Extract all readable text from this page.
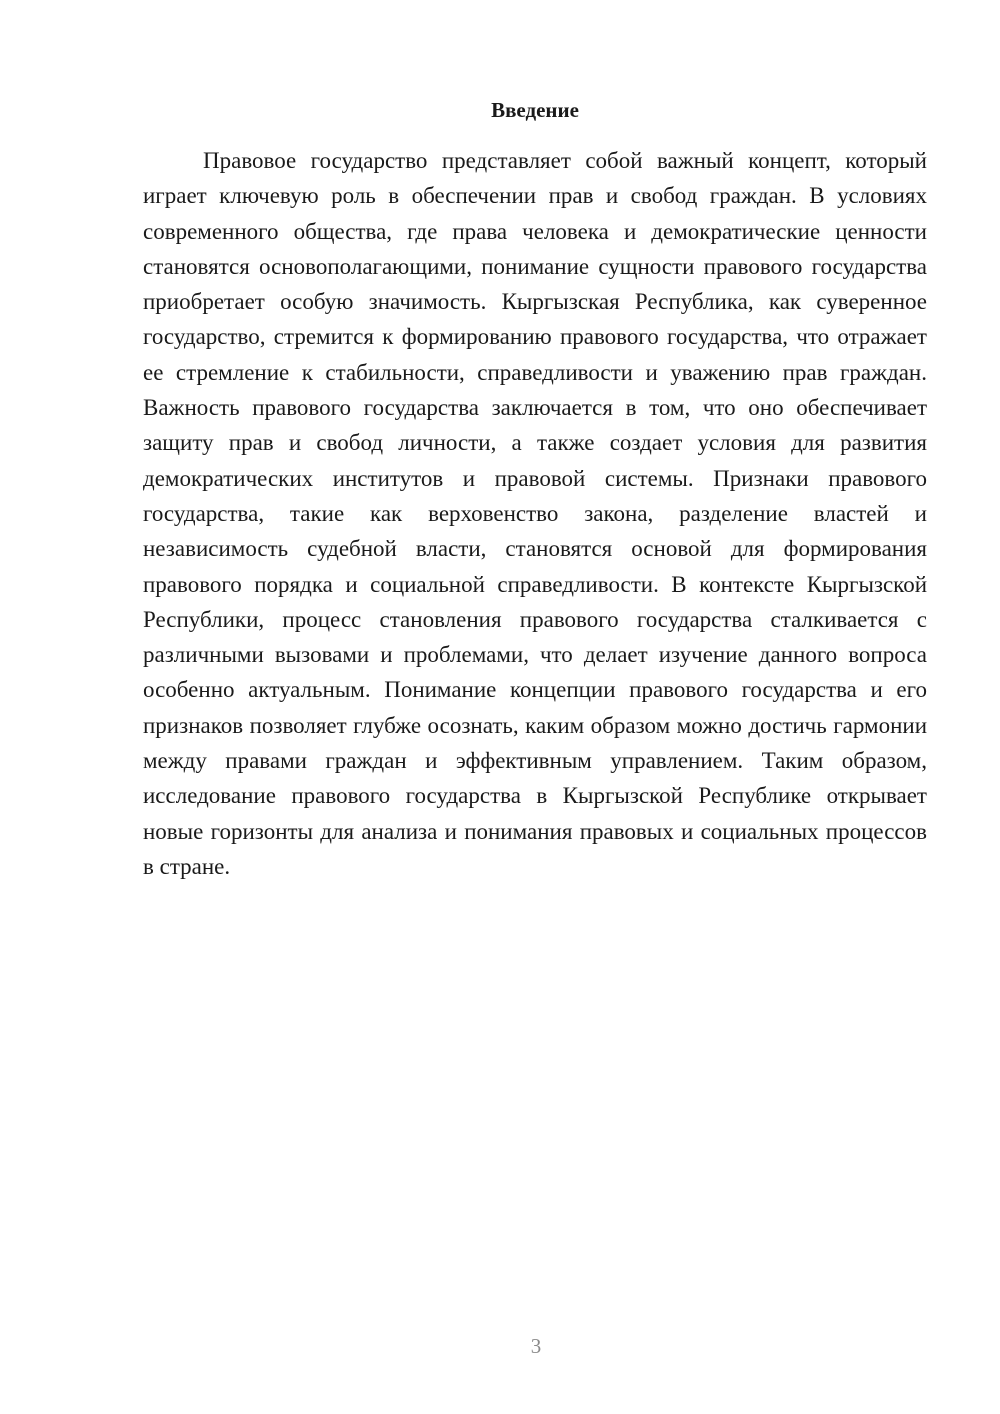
Введение

Правовое государство представляет собой важный концепт, который играет ключевую роль в обеспечении прав и свобод граждан. В условиях современного общества, где права человека и демократические ценности становятся основополагающими, понимание сущности правового государства приобретает особую значимость. Кыргызская Республика, как суверенное государство, стремится к формированию правового государства, что отражает ее стремление к стабильности, справедливости и уважению прав граждан. Важность правового государства заключается в том, что оно обеспечивает защиту прав и свобод личности, а также создает условия для развития демократических институтов и правовой системы. Признаки правового государства, такие как верховенство закона, разделение властей и независимость судебной власти, становятся основой для формирования правового порядка и социальной справедливости. В контексте Кыргызской Республики, процесс становления правового государства сталкивается с различными вызовами и проблемами, что делает изучение данного вопроса особенно актуальным. Понимание концепции правового государства и его признаков позволяет глубже осознать, каким образом можно достичь гармонии между правами граждан и эффективным управлением. Таким образом, исследование правового государства в Кыргызской Республике открывает новые горизонты для анализа и понимания правовых и социальных процессов в стране.

3
